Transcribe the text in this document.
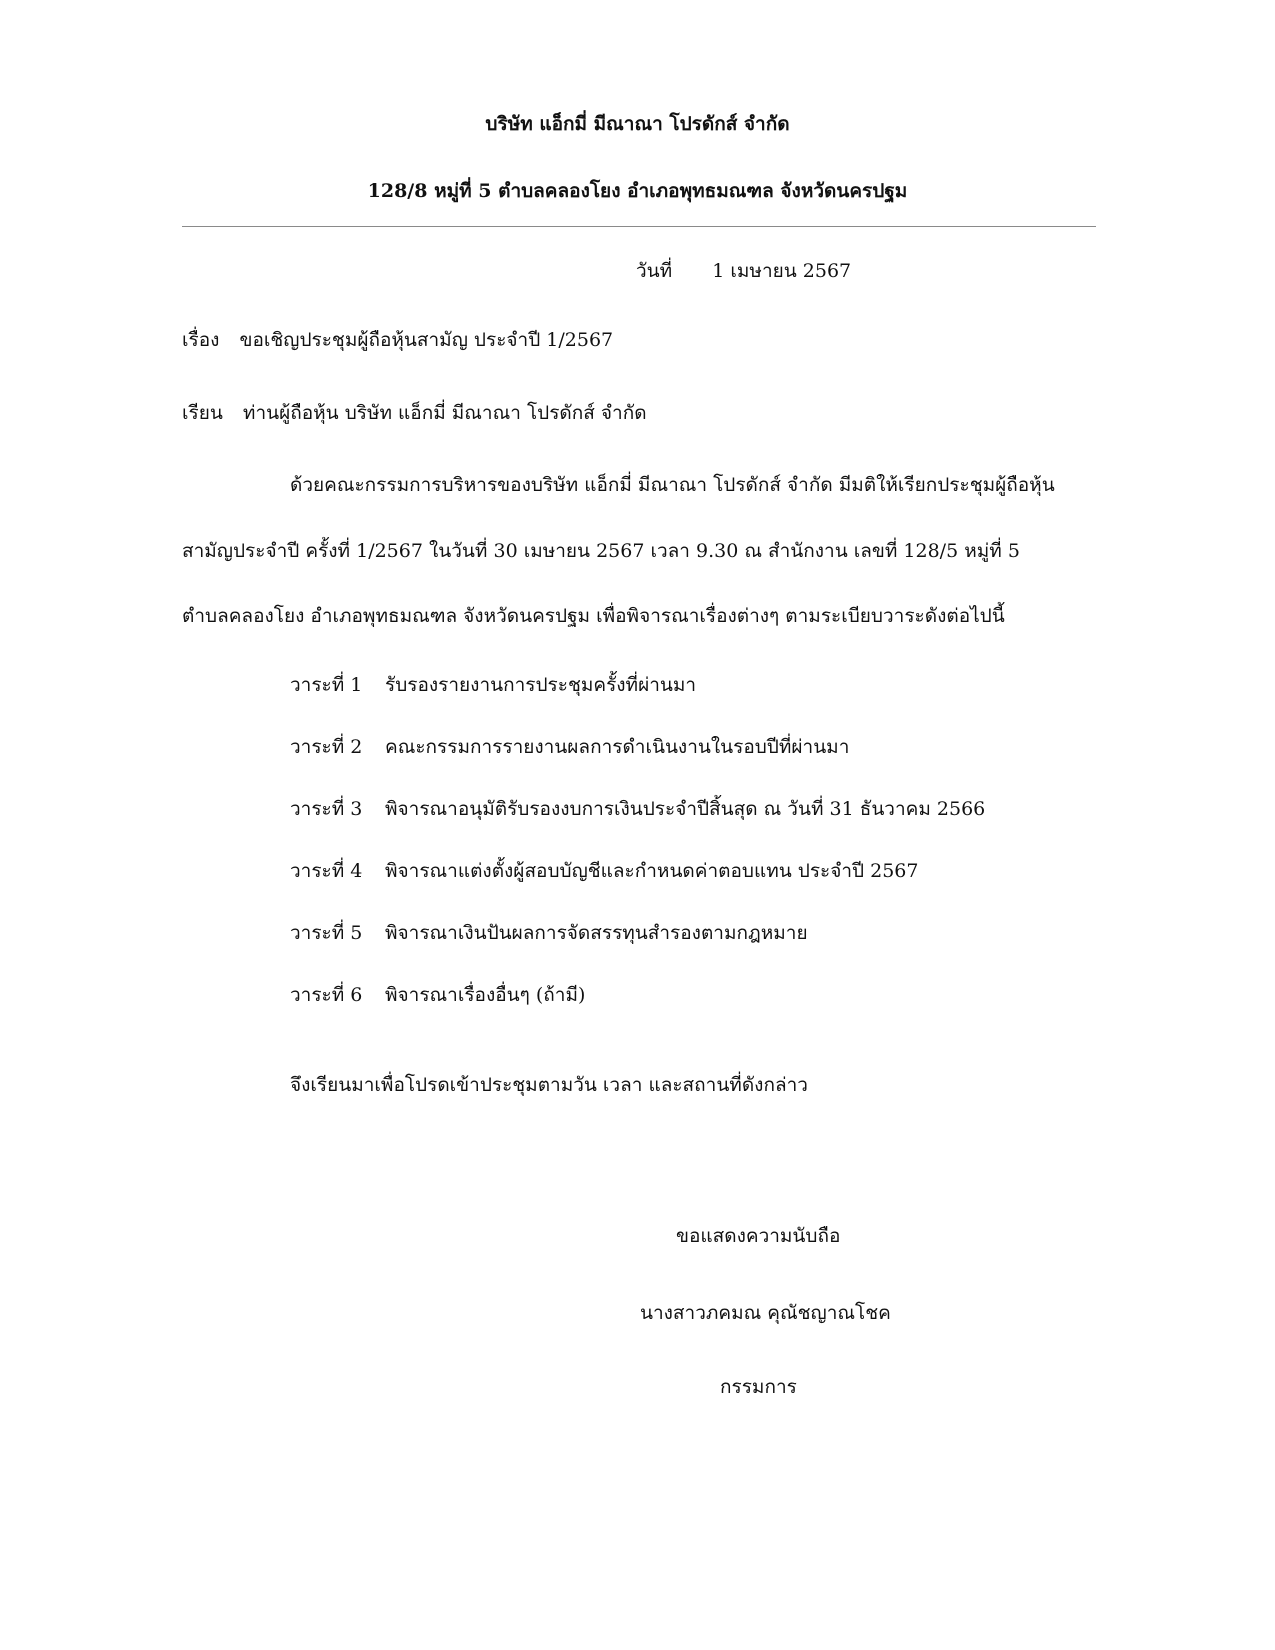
บริษัท แอ็กมี่ มีณาณา โปรดักส์ จำกัด
128/8 หมู่ที่ 5 ตำบลคลองโยง อำเภอพุทธมณฑล จังหวัดนครปฐม
วันที่ 1 เมษายน 2567
เรื่อง ขอเชิญประชุมผู้ถือหุ้นสามัญ ประจำปี 1/2567
เรียน ท่านผู้ถือหุ้น บริษัท แอ็กมี่ มีณาณา โปรดักส์ จำกัด
ด้วยคณะกรรมการบริหารของบริษัท แอ็กมี่ มีณาณา โปรดักส์ จำกัด มีมติให้เรียกประชุมผู้ถือหุ้น
สามัญประจำปี ครั้งที่ 1/2567 ในวันที่ 30 เมษายน 2567 เวลา 9.30 ณ สำนักงาน เลขที่ 128/5 หมู่ที่ 5
ตำบลคลองโยง อำเภอพุทธมณฑล จังหวัดนครปฐม เพื่อพิจารณาเรื่องต่างๆ ตามระเบียบวาระดังต่อไปนี้
วาระที่ 1 รับรองรายงานการประชุมครั้งที่ผ่านมา
วาระที่ 2 คณะกรรมการรายงานผลการดำเนินงานในรอบปีที่ผ่านมา
วาระที่ 3 พิจารณาอนุมัติรับรองงบการเงินประจำปีสิ้นสุด ณ วันที่ 31 ธันวาคม 2566
วาระที่ 4 พิจารณาแต่งตั้งผู้สอบบัญชีและกำหนดค่าตอบแทน ประจำปี 2567
วาระที่ 5 พิจารณาเงินปันผลการจัดสรรทุนสำรองตามกฎหมาย
วาระที่ 6 พิจารณาเรื่องอื่นๆ (ถ้ามี)
จึงเรียนมาเพื่อโปรดเข้าประชุมตามวัน เวลา และสถานที่ดังกล่าว
ขอแสดงความนับถือ
นางสาวภคมณ คุณัชญาณโชค
กรรมการ
